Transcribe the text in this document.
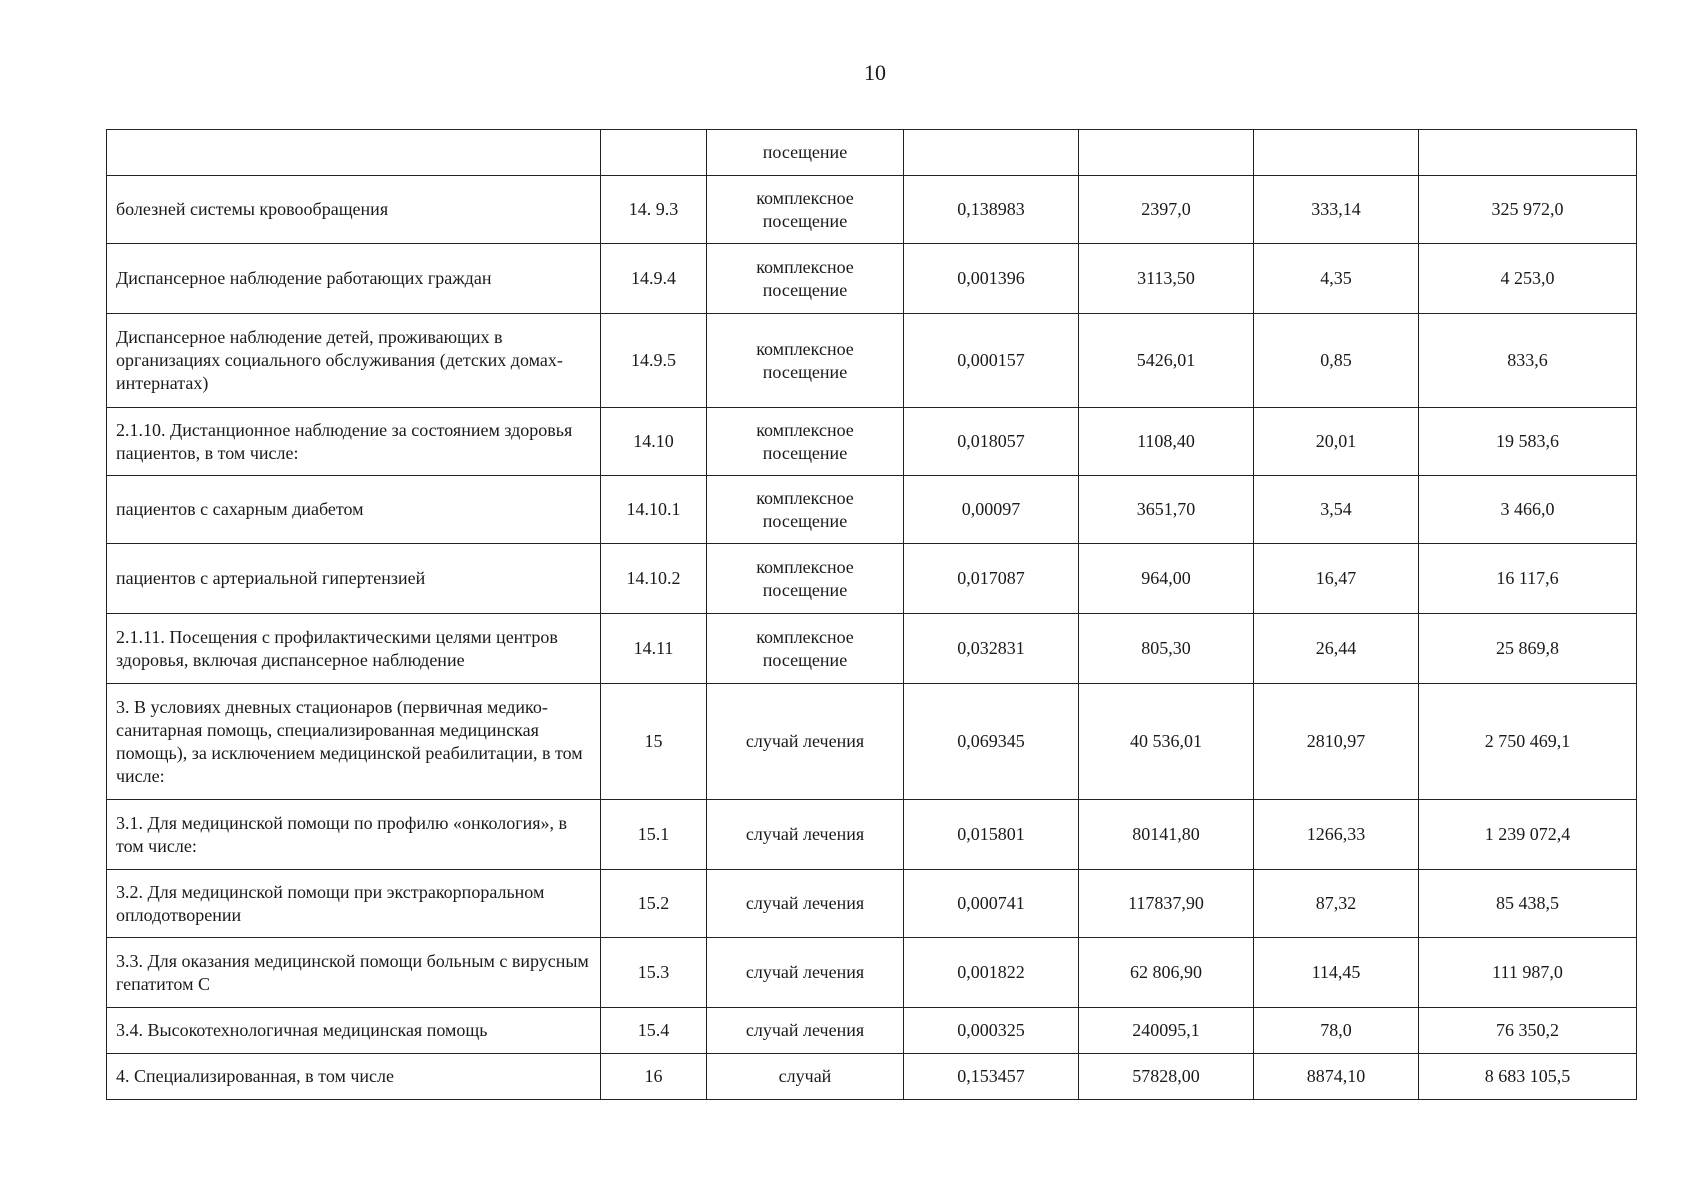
10
		посещение				
болезней системы кровообращения	14. 9.3	комплексное посещение	0,138983	2397,0	333,14	325 972,0
Диспансерное наблюдение работающих граждан	14.9.4	комплексное посещение	0,001396	3113,50	4,35	4 253,0
Диспансерное наблюдение детей, проживающих в организациях социального обслуживания (детских домах-интернатах)	14.9.5	комплексное посещение	0,000157	5426,01	0,85	833,6
2.1.10. Дистанционное наблюдение за состоянием здоровья пациентов, в том числе:	14.10	комплексное посещение	0,018057	1108,40	20,01	19 583,6
пациентов с сахарным диабетом	14.10.1	комплексное посещение	0,00097	3651,70	3,54	3 466,0
пациентов с артериальной гипертензией	14.10.2	комплексное посещение	0,017087	964,00	16,47	16 117,6
2.1.11. Посещения с профилактическими целями центров здоровья, включая диспансерное наблюдение	14.11	комплексное посещение	0,032831	805,30	26,44	25 869,8
3. В условиях дневных стационаров (первичная медико-санитарная помощь, специализированная медицинская помощь), за исключением медицинской реабилитации, в том числе:	15	случай лечения	0,069345	40 536,01	2810,97	2 750 469,1
3.1. Для медицинской помощи по профилю «онкология», в том числе:	15.1	случай лечения	0,015801	80141,80	1266,33	1 239 072,4
3.2. Для медицинской помощи при экстракорпоральном оплодотворении	15.2	случай лечения	0,000741	117837,90	87,32	85 438,5
3.3. Для оказания медицинской помощи больным с вирусным гепатитом С	15.3	случай лечения	0,001822	62 806,90	114,45	111 987,0
3.4. Высокотехнологичная медицинская помощь	15.4	случай лечения	0,000325	240095,1	78,0	76 350,2
4. Специализированная, в том числе	16	случай	0,153457	57828,00	8874,10	8 683 105,5
